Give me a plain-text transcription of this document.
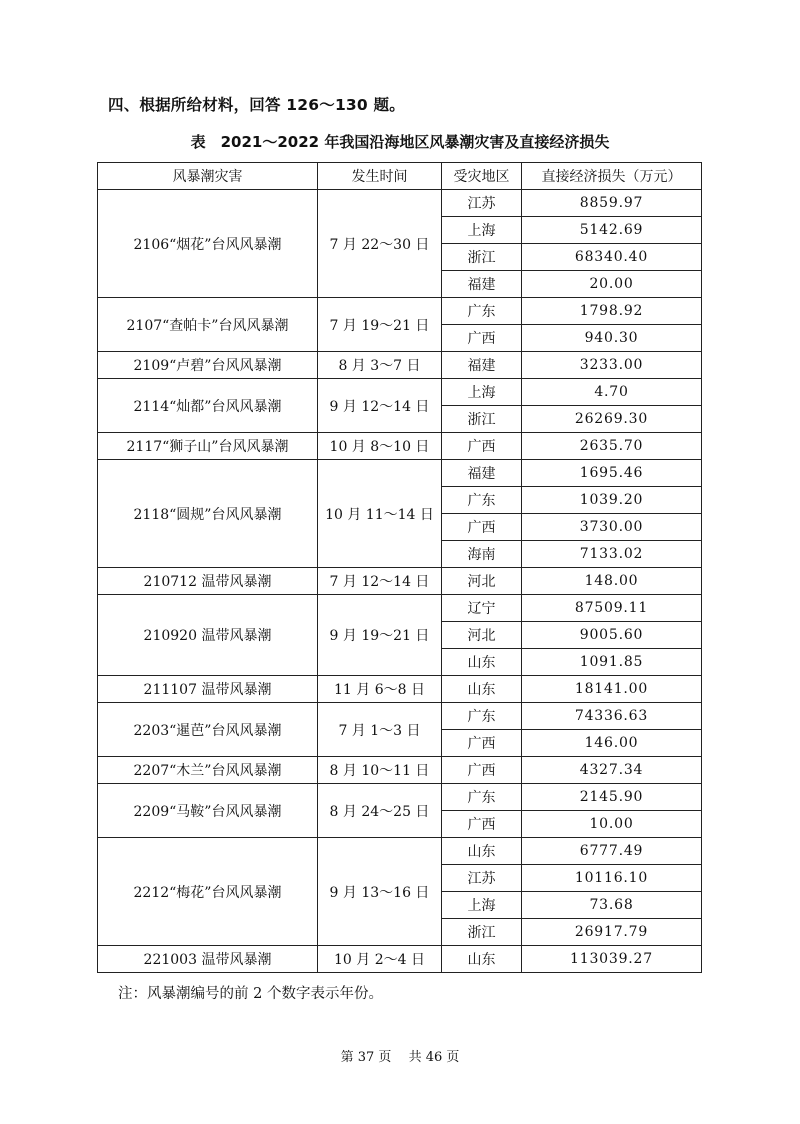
四、根据所给材料，回答 126～130 题。
表　2021～2022 年我国沿海地区风暴潮灾害及直接经济损失
风暴潮灾害	发生时间	受灾地区	直接经济损失（万元）
2106“烟花”台风风暴潮	7 月 22～30 日	江苏	8859.97
		上海	5142.69
		浙江	68340.40
		福建	20.00
2107“查帕卡”台风风暴潮	7 月 19～21 日	广东	1798.92
		广西	940.30
2109“卢碧”台风风暴潮	8 月 3～7 日	福建	3233.00
2114“灿都”台风风暴潮	9 月 12～14 日	上海	4.70
		浙江	26269.30
2117“狮子山”台风风暴潮	10 月 8～10 日	广西	2635.70
2118“圆规”台风风暴潮	10 月 11～14 日	福建	1695.46
		广东	1039.20
		广西	3730.00
		海南	7133.02
210712 温带风暴潮	7 月 12～14 日	河北	148.00
210920 温带风暴潮	9 月 19～21 日	辽宁	87509.11
		河北	9005.60
		山东	1091.85
211107 温带风暴潮	11 月 6～8 日	山东	18141.00
2203“暹芭”台风风暴潮	7 月 1～3 日	广东	74336.63
		广西	146.00
2207“木兰”台风风暴潮	8 月 10～11 日	广西	4327.34
2209“马鞍”台风风暴潮	8 月 24～25 日	广东	2145.90
		广西	10.00
2212“梅花”台风风暴潮	9 月 13～16 日	山东	6777.49
		江苏	10116.10
		上海	73.68
		浙江	26917.79
221003 温带风暴潮	10 月 2～4 日	山东	113039.27
注：风暴潮编号的前 2 个数字表示年份。
第 37 页　 共 46 页
